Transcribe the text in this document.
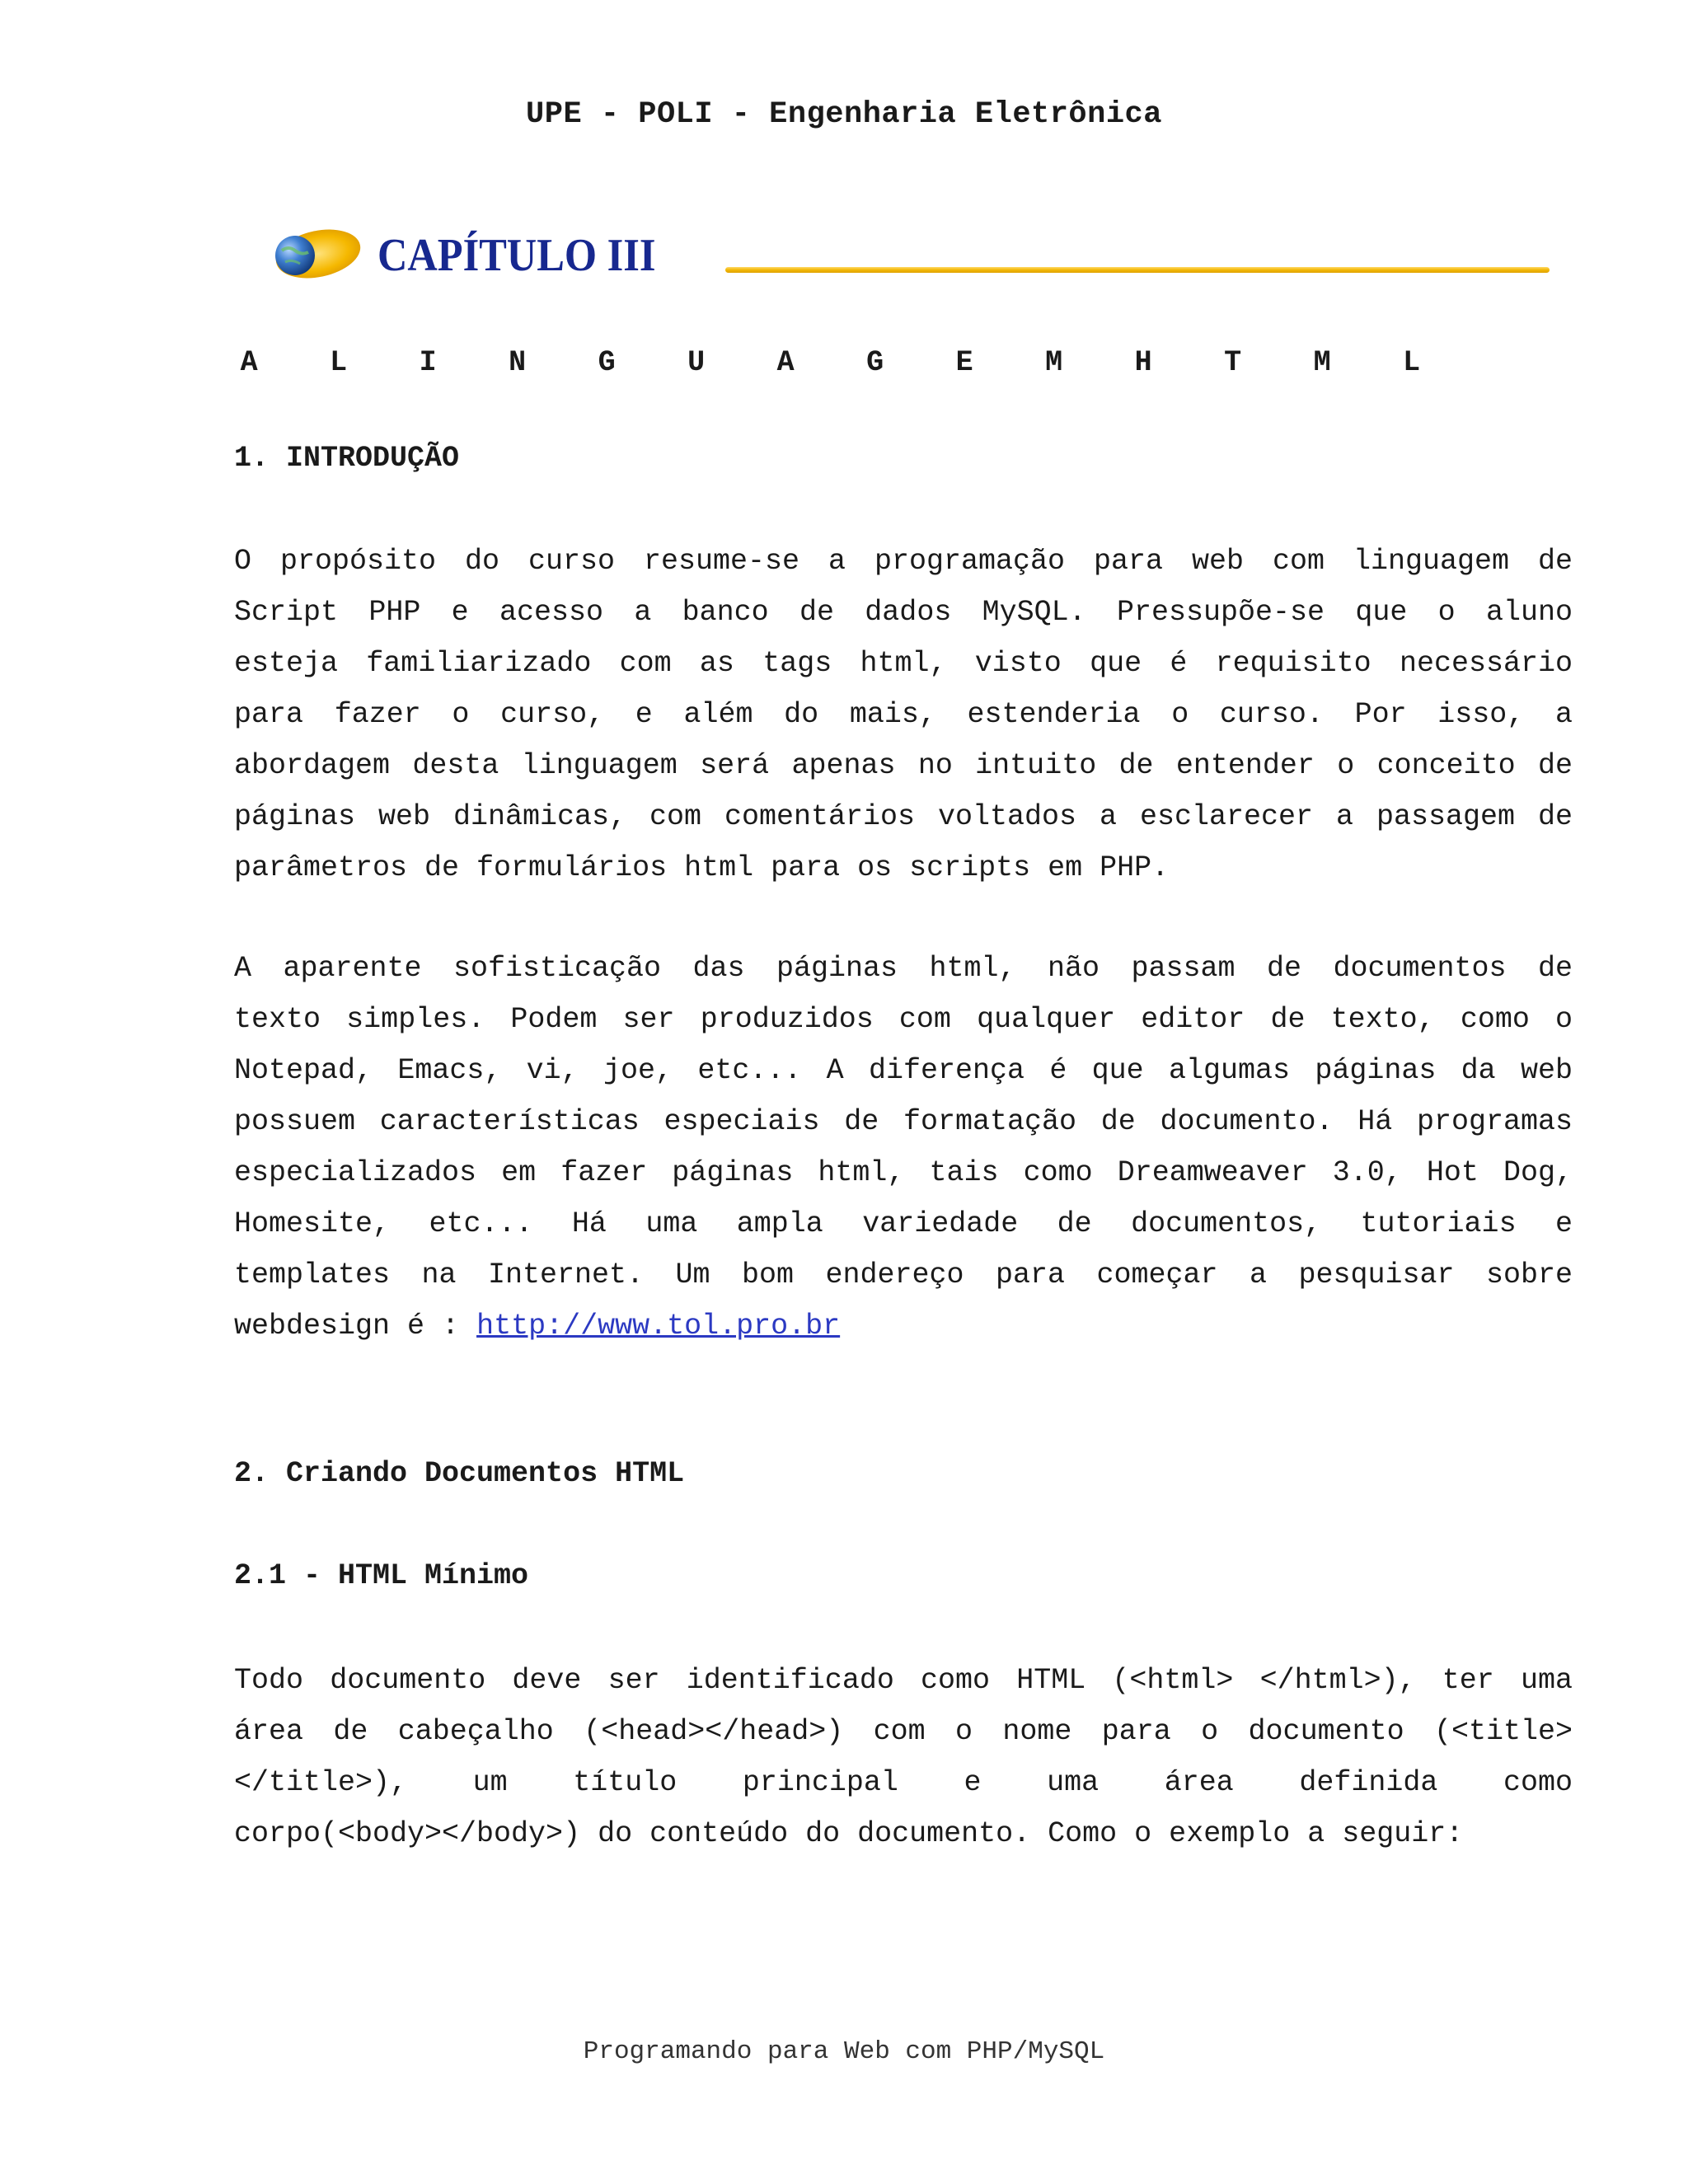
UPE - POLI - Engenharia Eletrônica
CAPÍTULO III
A L I N G U A G E M H T M L
1. INTRODUÇÃO
O propósito do curso resume-se a programação para web com linguagem de
Script PHP e acesso a banco de dados MySQL. Pressupõe-se que o aluno
esteja familiarizado com as tags html, visto que é requisito necessário
para fazer o curso, e além do mais, estenderia o curso. Por isso, a
abordagem desta linguagem será apenas no intuito de entender o conceito de
páginas web dinâmicas, com comentários voltados a esclarecer a passagem de
parâmetros de formulários html para os scripts em PHP.
A aparente sofisticação das páginas html, não passam de documentos de
texto simples. Podem ser produzidos com qualquer editor de texto, como o
Notepad, Emacs, vi, joe, etc... A diferença é que algumas páginas da web
possuem características especiais de formatação de documento. Há programas
especializados em fazer páginas html, tais como Dreamweaver 3.0, Hot Dog,
Homesite, etc... Há uma ampla variedade de documentos, tutoriais e
templates na Internet. Um bom endereço para começar a pesquisar sobre
webdesign é : http://www.tol.pro.br
2. Criando Documentos HTML
2.1 - HTML Mínimo
Todo documento deve ser identificado como HTML (<html> </html>), ter uma
área de cabeçalho (<head></head>) com o nome para o documento (<title>
</title>), um título principal e uma área definida como
corpo(<body></body>) do conteúdo do documento. Como o exemplo a seguir:
Programando para Web com PHP/MySQL
